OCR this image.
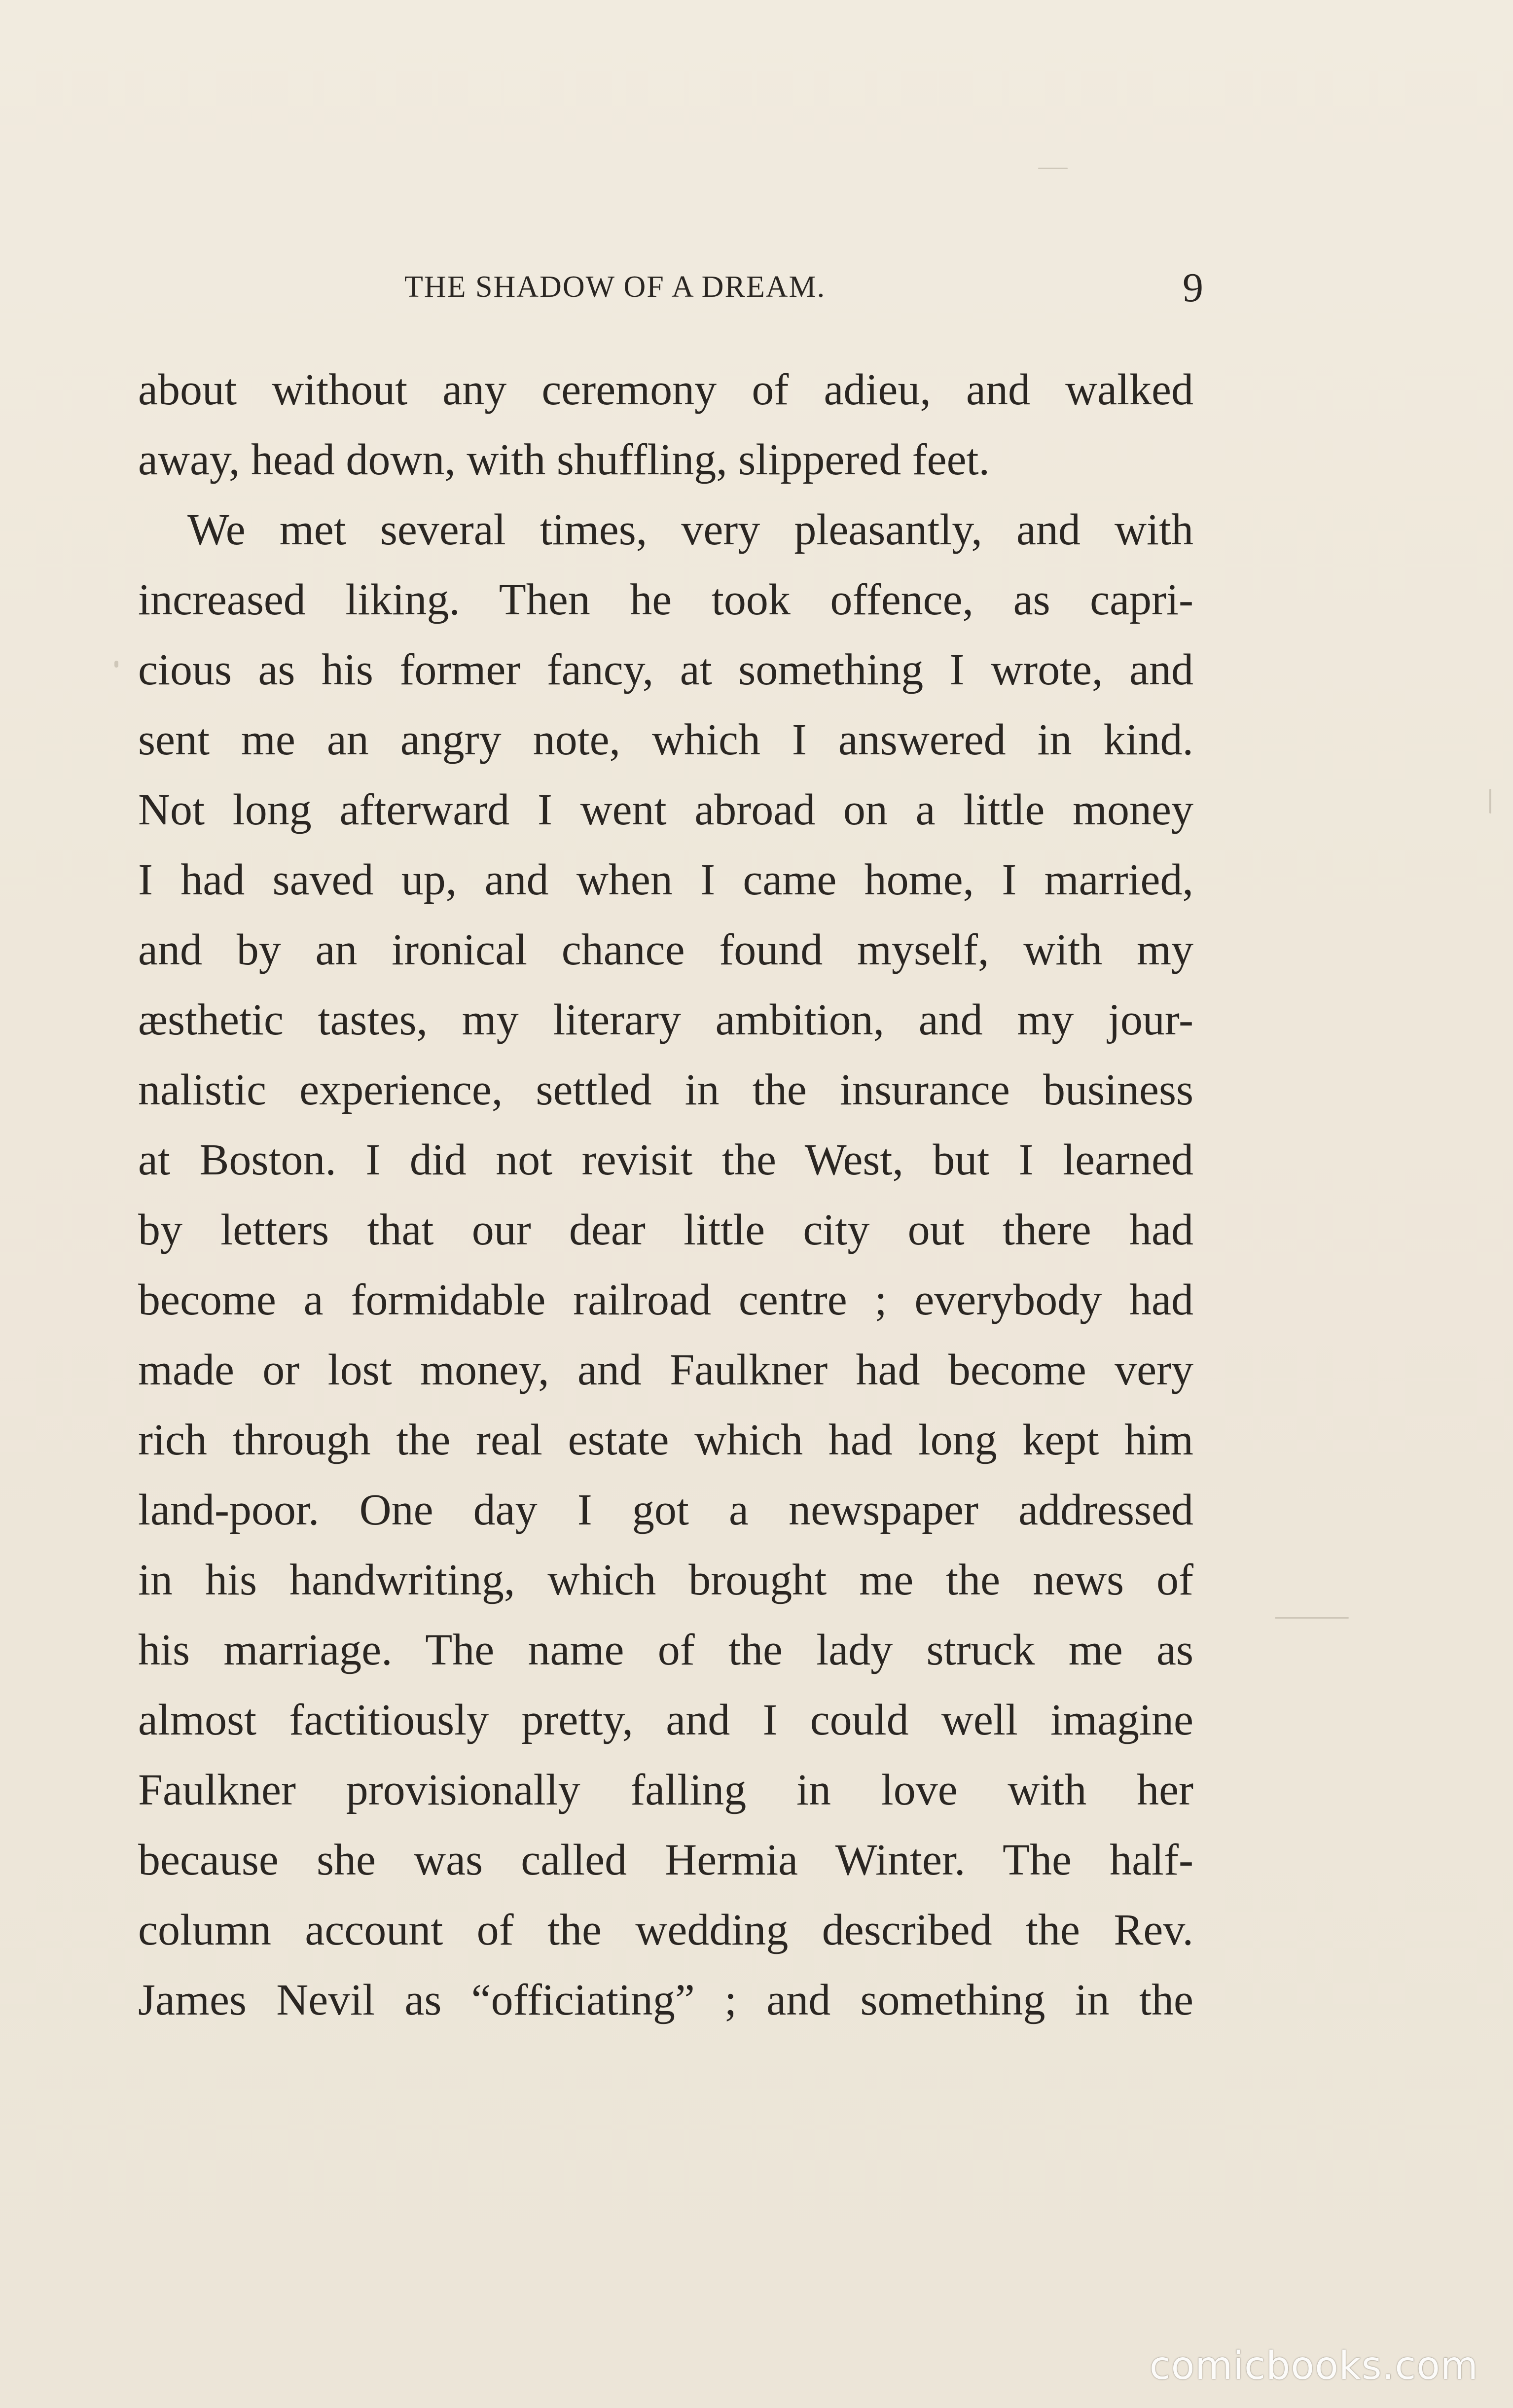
THE SHADOW OF A DREAM.	9
about without any ceremony of adieu, and walked
away, head down, with shuffling, slippered feet.
We met several times, very pleasantly, and with
increased liking. Then he took offence, as capri-
cious as his former fancy, at something I wrote, and
sent me an angry note, which I answered in kind.
Not long afterward I went abroad on a little money
I had saved up, and when I came home, I married,
and by an ironical chance found myself, with my
æsthetic tastes, my literary ambition, and my jour-
nalistic experience, settled in the insurance business
at Boston. I did not revisit the West, but I learned
by letters that our dear little city out there had
become a formidable railroad centre ; everybody had
made or lost money, and Faulkner had become very
rich through the real estate which had long kept him
land-poor. One day I got a newspaper addressed
in his handwriting, which brought me the news of
his marriage. The name of the lady struck me as
almost factitiously pretty, and I could well imagine
Faulkner provisionally falling in love with her
because she was called Hermia Winter. The half-
column account of the wedding described the Rev.
James Nevil as “officiating” ; and something in the
comicbooks.com
